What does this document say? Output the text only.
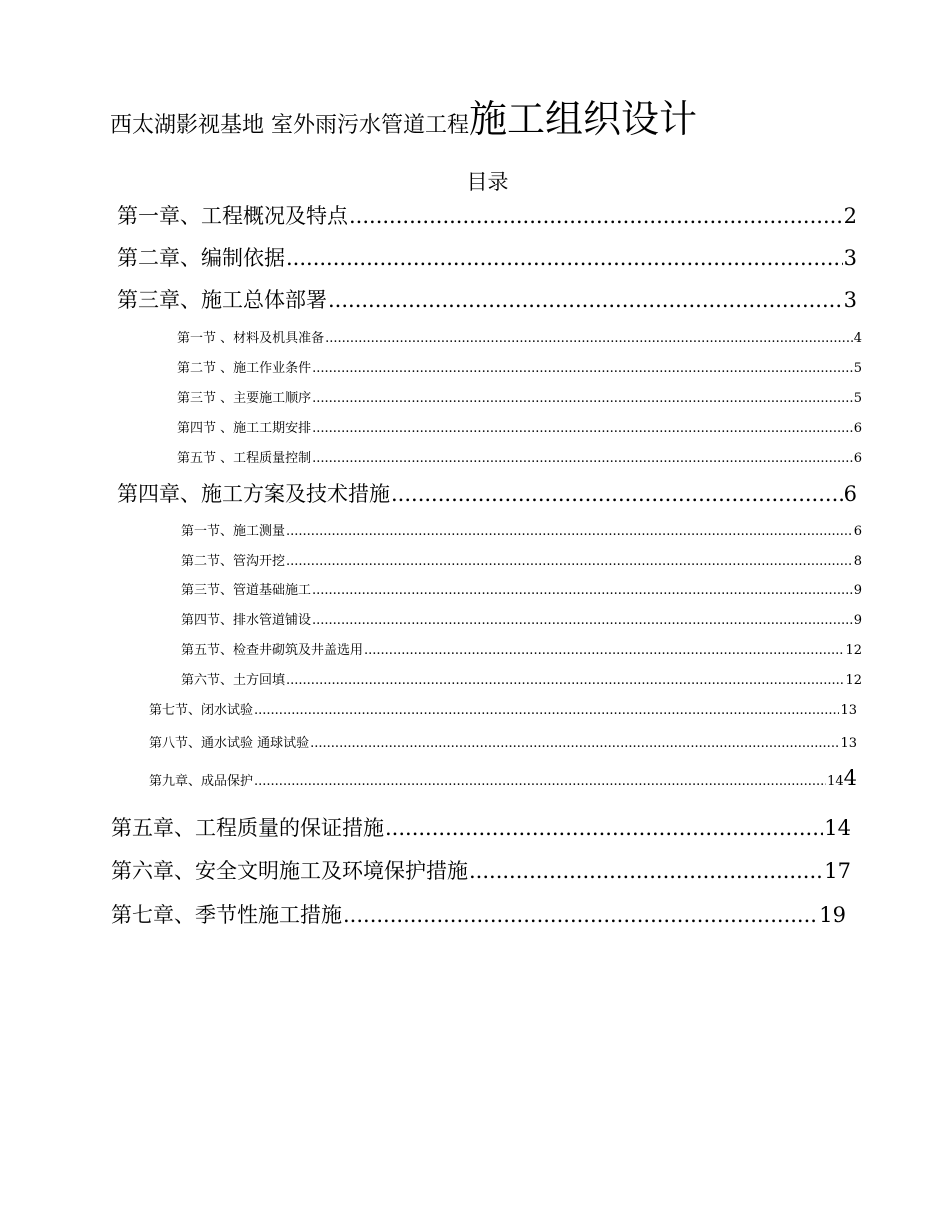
西太湖影视基地 室外雨污水管道工程施工组织设计
目录
第一章、工程概况及特点 .....	2
第二章、编制依据 .....	3
第三章、施工总体部署 .....	3
第一节 、材料及机具准备 .....	4
第二节 、施工作业条件 .....	5
第三节 、主要施工顺序 .....	5
第四节 、施工工期安排 .....	6
第五节 、工程质量控制 .....	6
第四章、施工方案及技术措施 .....	6
第一节、施工测量 .....	6
第二节、管沟开挖 .....	8
第三节、管道基础施工 .....	9
第四节、排水管道铺设 .....	9
第五节、检查井砌筑及井盖选用 .....	12
第六节、土方回填 .....	12
第七节、闭水试验 .....	13
第八节、通水试验 通球试验 .....	13
第九章、成品保护 .....	14 4
第五章、工程质量的保证措施 .....	14
第六章、安全文明施工及环境保护措施 .....	17
第七章、季节性施工措施 .....	19
